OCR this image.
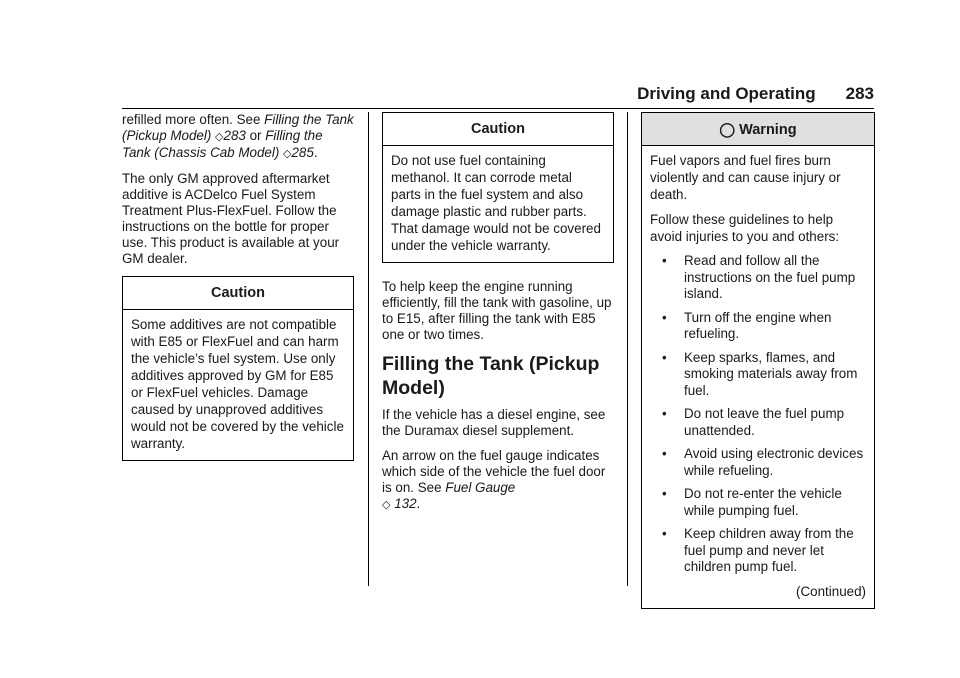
Driving and Operating 283

refilled more often. See Filling the Tank (Pickup Model) ◇283 or Filling the Tank (Chassis Cab Model) ◇285.

The only GM approved aftermarket additive is ACDelco Fuel System Treatment Plus-FlexFuel. Follow the instructions on the bottle for proper use. This product is available at your GM dealer.

Caution

Some additives are not compatible with E85 or FlexFuel and can harm the vehicle’s fuel system. Use only additives approved by GM for E85 or FlexFuel vehicles. Damage caused by unapproved additives would not be covered by the vehicle warranty.

Caution

Do not use fuel containing methanol. It can corrode metal parts in the fuel system and also damage plastic and rubber parts. That damage would not be covered under the vehicle warranty.

To help keep the engine running efficiently, fill the tank with gasoline, up to E15, after filling the tank with E85 one or two times.

Filling the Tank (Pickup Model)

If the vehicle has a diesel engine, see the Duramax diesel supplement.

An arrow on the fuel gauge indicates which side of the vehicle the fuel door is on. See Fuel Gauge
◇ 132.

◯ Warning

Fuel vapors and fuel fires burn violently and can cause injury or death.

Follow these guidelines to help avoid injuries to you and others:

• Read and follow all the instructions on the fuel pump island.
• Turn off the engine when refueling.
• Keep sparks, flames, and smoking materials away from fuel.
• Do not leave the fuel pump unattended.
• Avoid using electronic devices while refueling.
• Do not re-enter the vehicle while pumping fuel.
• Keep children away from the fuel pump and never let children pump fuel.
(Continued)
